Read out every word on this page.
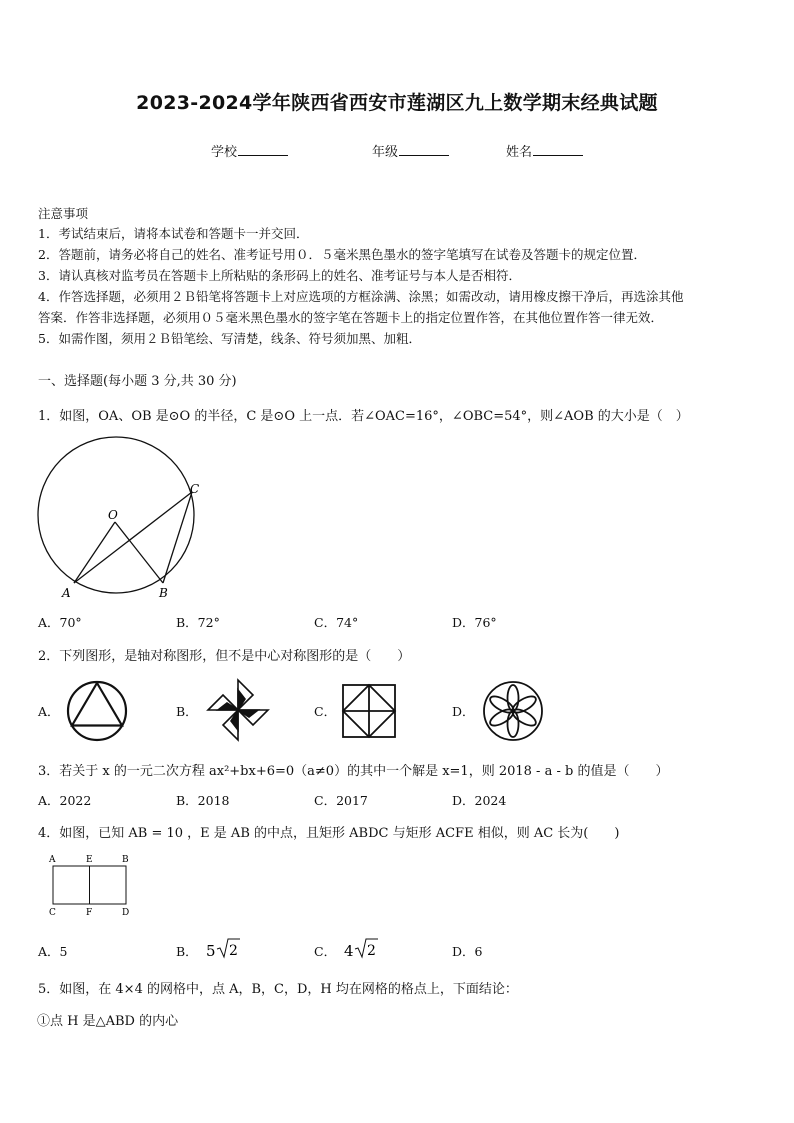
2023-2024学年陕西省西安市莲湖区九上数学期末经典试题
学校	年级	姓名
注意事项
1．考试结束后，请将本试卷和答题卡一并交回．
2．答题前，请务必将自己的姓名、准考证号用０．５毫米黑色墨水的签字笔填写在试卷及答题卡的规定位置．
3．请认真核对监考员在答题卡上所粘贴的条形码上的姓名、准考证号与本人是否相符．
4．作答选择题，必须用２Ｂ铅笔将答题卡上对应选项的方框涂满、涂黑；如需改动，请用橡皮擦干净后，再选涂其他
答案．作答非选择题，必须用０５毫米黑色墨水的签字笔在答题卡上的指定位置作答，在其他位置作答一律无效．
5．如需作图，须用２Ｂ铅笔绘、写清楚，线条、符号须加黑、加粗．
一、选择题(每小题 3 分,共 30 分)
1．如图，OA、OB 是⊙O 的半径，C 是⊙O 上一点．若∠OAC=16°，∠OBC=54°，则∠AOB 的大小是（　）
O
A	B
C
A．70°	B．72°	C．74°	D．76°
2．下列图形，是轴对称图形，但不是中心对称图形的是（　　）
A．	B．	C．	D．
3．若关于 x 的一元二次方程 ax²+bx+6=0（a≠0）的其中一个解是 x=1，则 2018 - a - b 的值是（　　）
A．2022	B．2018	C．2017	D．2024
4．如图，已知 AB = 10 ，E 是 AB 的中点，且矩形 ABDC 与矩形 ACFE 相似，则 AC 长为(　　)
A	E	B
C	F	D
A．5	B． 5 2	C． 4 2	D．6
5．如图，在 4×4 的网格中，点 A，B，C，D，H 均在网格的格点上，下面结论：
①点 H 是△ABD 的内心
